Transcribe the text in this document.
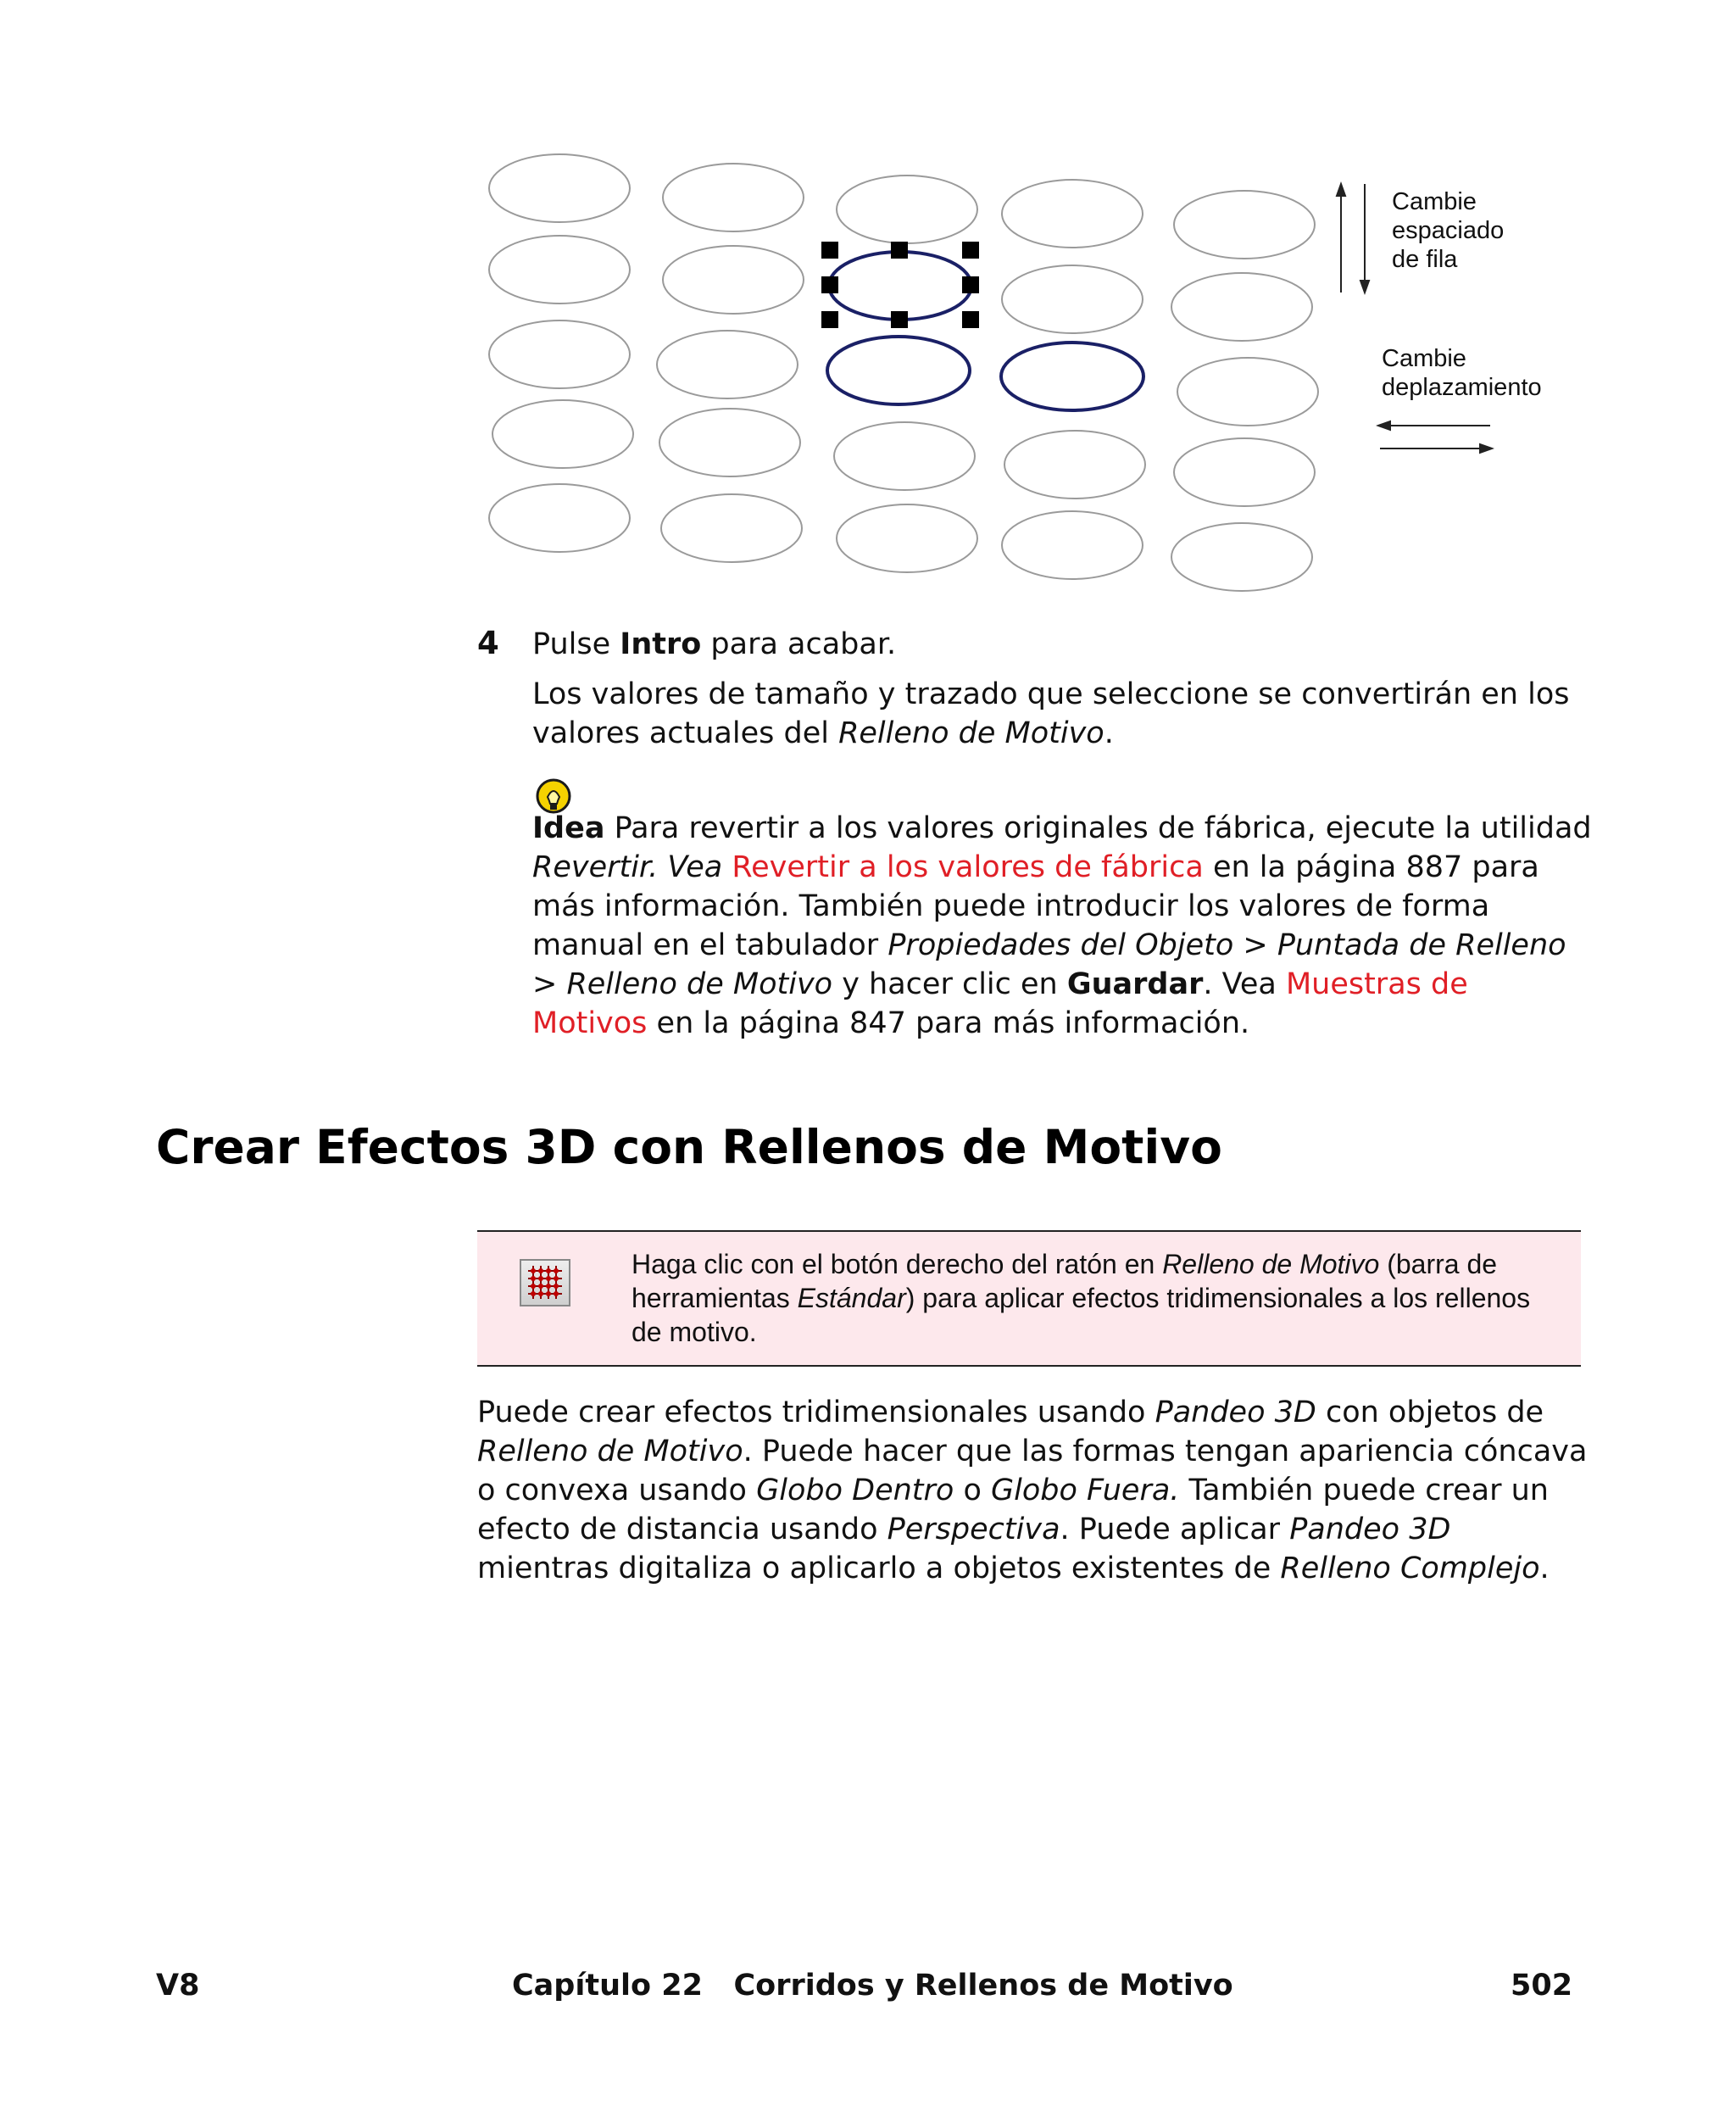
Cambie
espaciado
de fila
Cambie
deplazamiento
4 Pulse Intro para acabar.
Los valores de tamaño y trazado que seleccione se convertirán en los valores actuales del Relleno de Motivo.
Idea Para revertir a los valores originales de fábrica, ejecute la utilidad Revertir. Vea Revertir a los valores de fábrica en la página 887 para más información. También puede introducir los valores de forma manual en el tabulador Propiedades del Objeto > Puntada de Relleno > Relleno de Motivo y hacer clic en Guardar. Vea Muestras de Motivos en la página 847 para más información.
Crear Efectos 3D con Rellenos de Motivo
Haga clic con el botón derecho del ratón en Relleno de Motivo (barra de herramientas Estándar) para aplicar efectos tridimensionales a los rellenos de motivo.
Puede crear efectos tridimensionales usando Pandeo 3D con objetos de Relleno de Motivo. Puede hacer que las formas tengan apariencia cóncava o convexa usando Globo Dentro o Globo Fuera. También puede crear un efecto de distancia usando Perspectiva. Puede aplicar Pandeo 3D mientras digitaliza o aplicarlo a objetos existentes de Relleno Complejo.
V8	Capítulo 22   Corridos y Rellenos de Motivo	502
